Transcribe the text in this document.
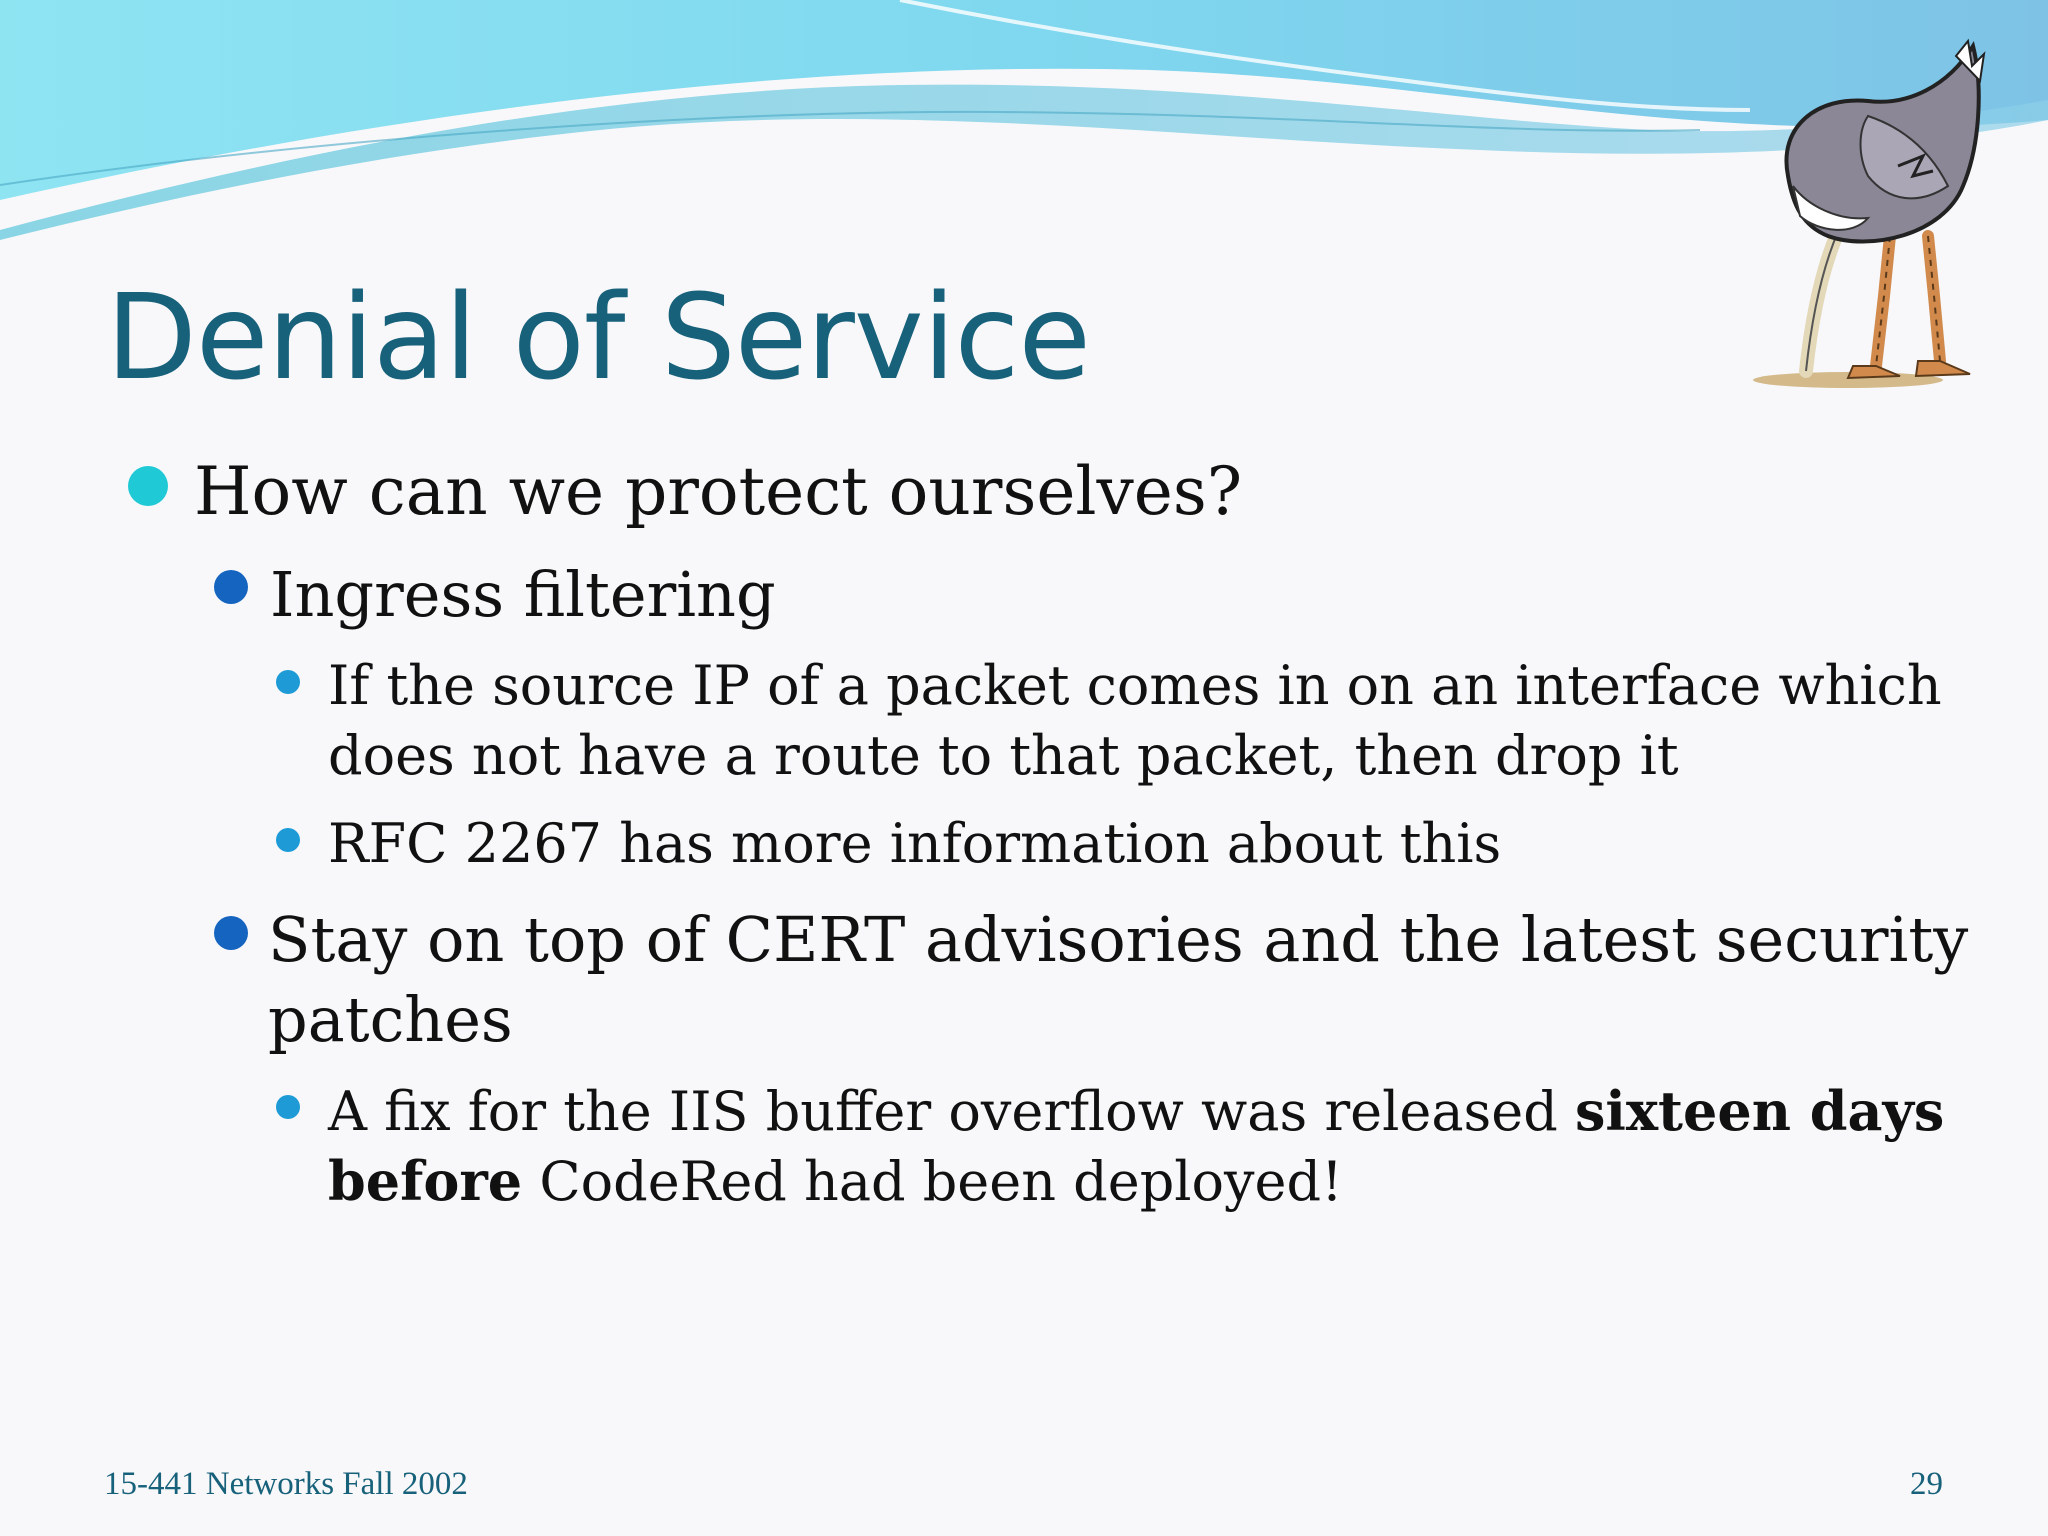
Denial of Service
How can we protect ourselves?
Ingress filtering
If the source IP of a packet comes in on an interface which
does not have a route to that packet, then drop it
RFC 2267 has more information about this
Stay on top of CERT advisories and the latest security
patches
A fix for the IIS buffer overflow was released sixteen days
before CodeRed had been deployed!
15-441 Networks Fall 2002	29
